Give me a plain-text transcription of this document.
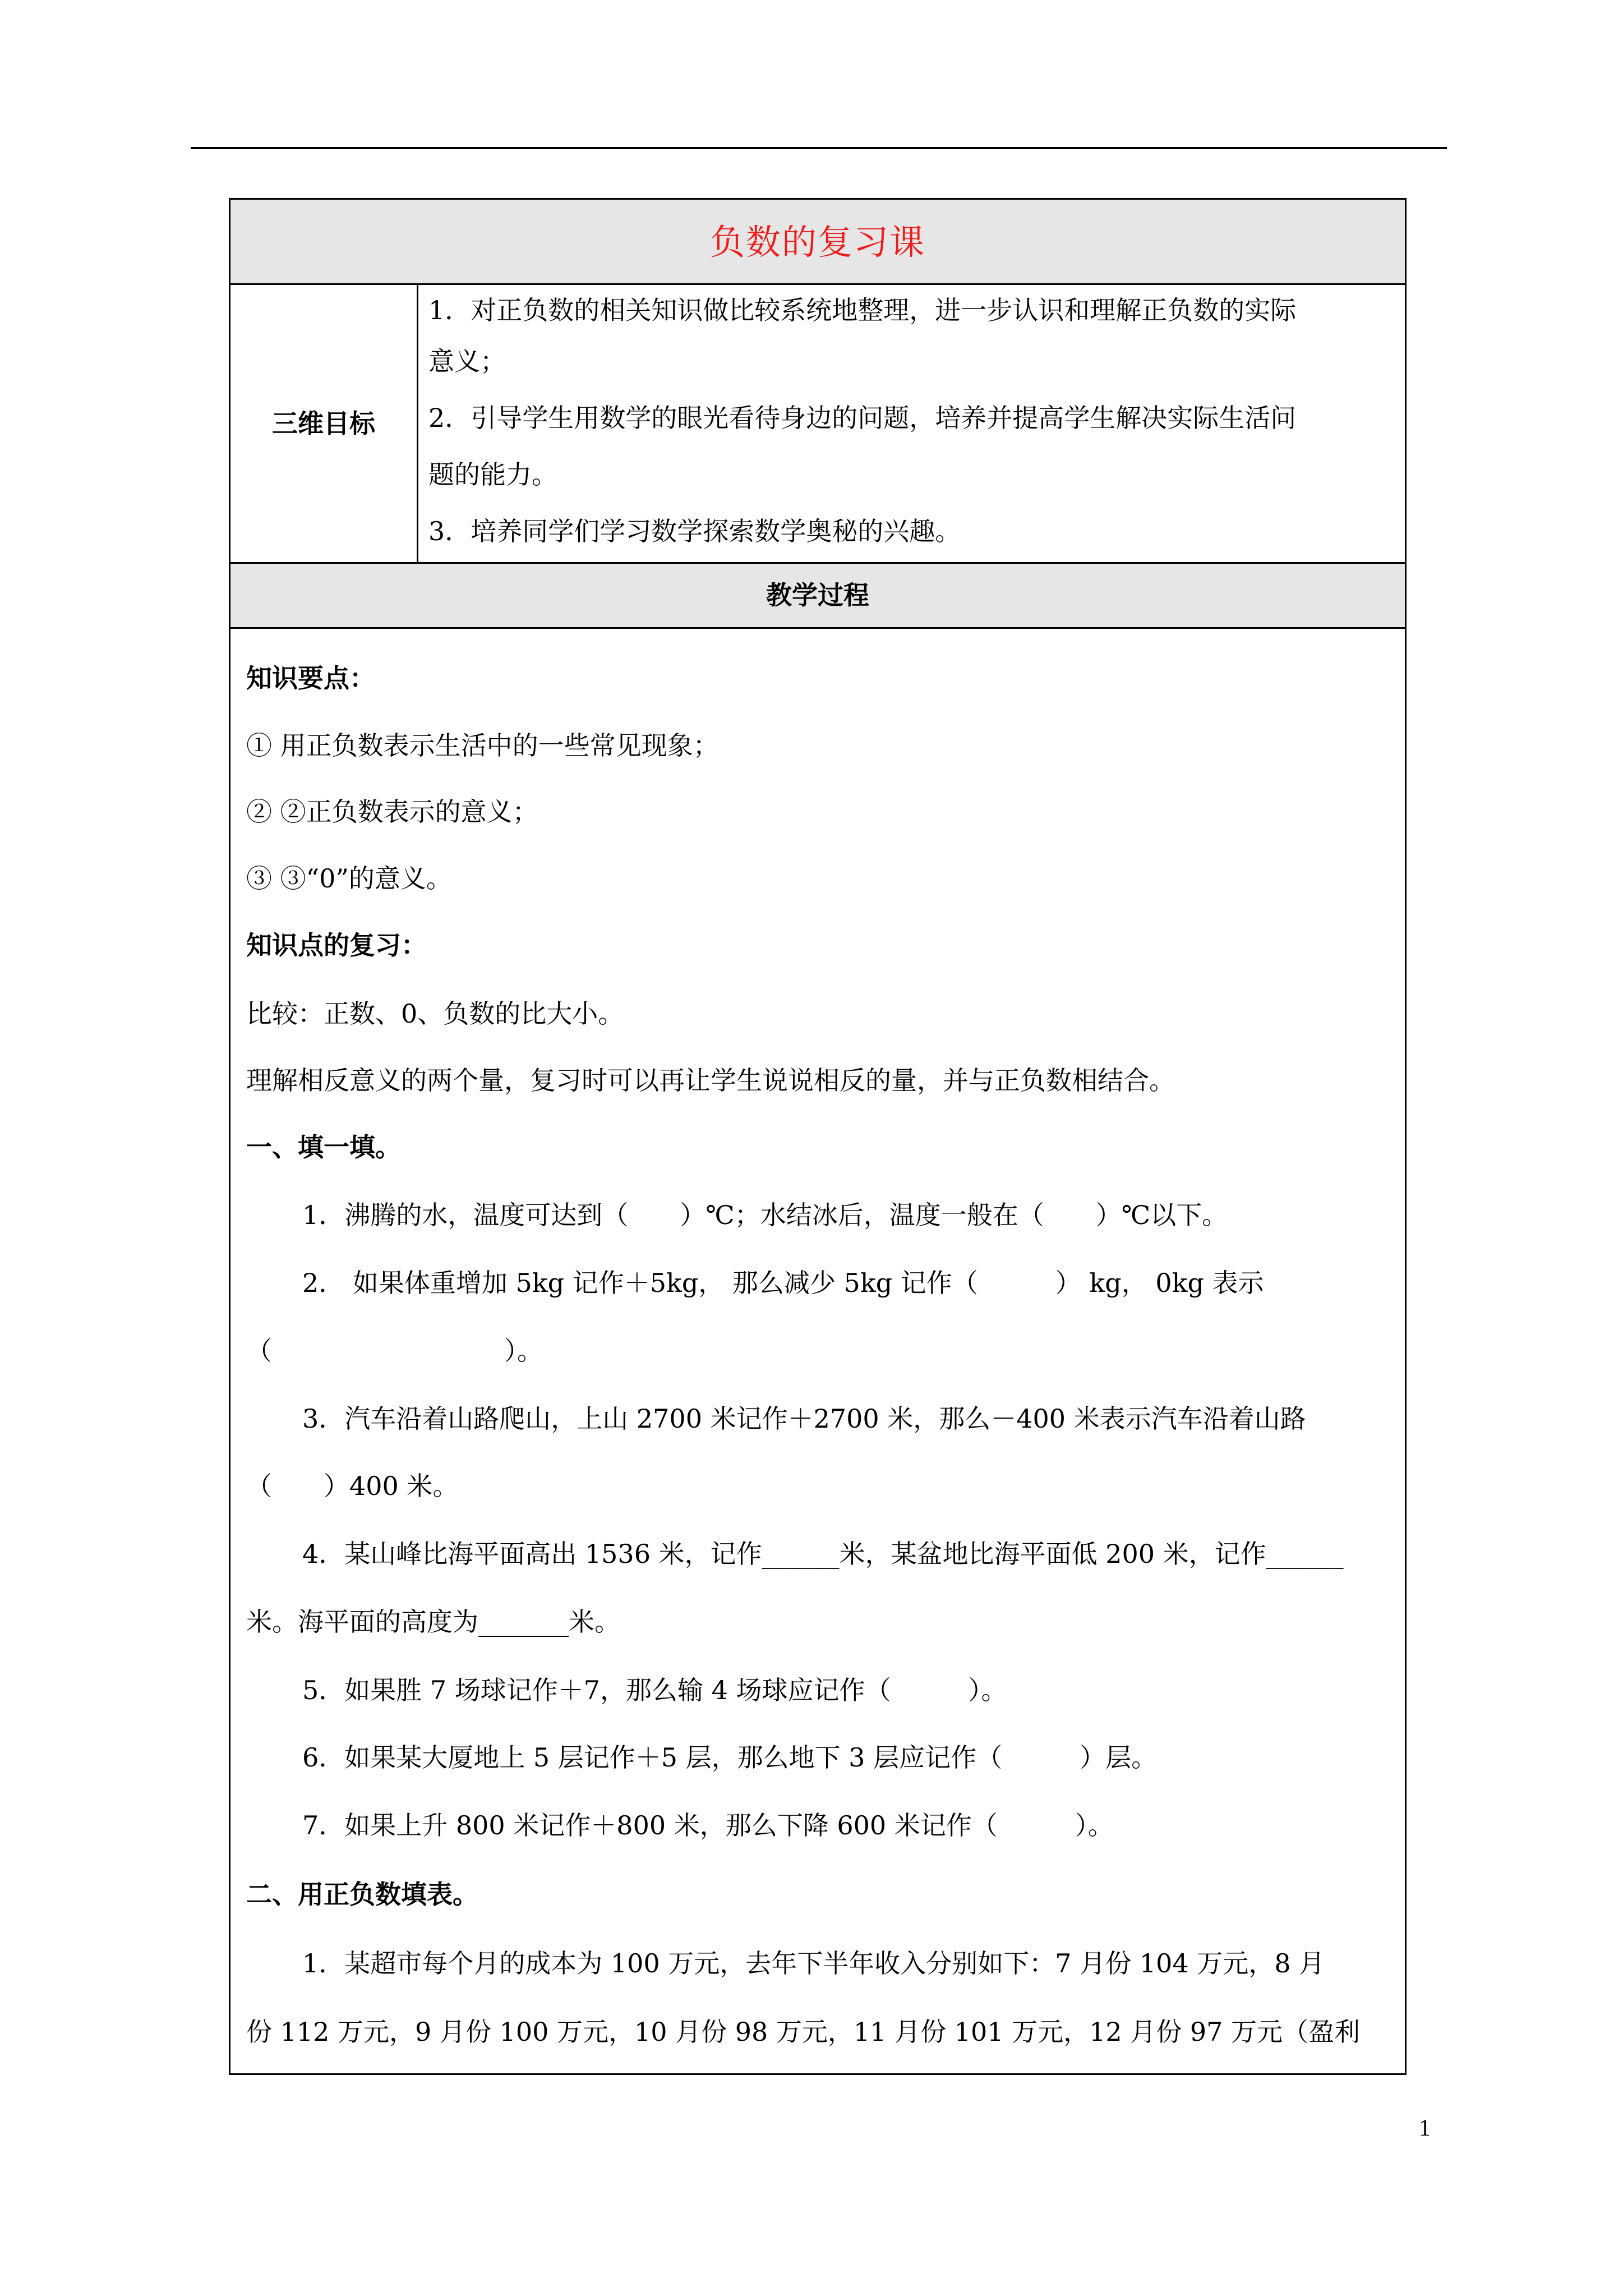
负数的复习课
三维目标
1．对正负数的相关知识做比较系统地整理，进一步认识和理解正负数的实际
意义；
2．引导学生用数学的眼光看待身边的问题，培养并提高学生解决实际生活问
题的能力。
3．培养同学们学习数学探索数学奥秘的兴趣。
教学过程
知识要点：
① 用正负数表示生活中的一些常见现象；
② ②正负数表示的意义；
③ ③“0”的意义。
知识点的复习：
比较：正数、0、负数的比大小。
理解相反意义的两个量，复习时可以再让学生说说相反的量，并与正负数相结合。
一、填一填。
1．沸腾的水，温度可达到（　　）℃；水结冰后，温度一般在（　　）℃以下。
2． 如果体重增加 5kg 记作＋5kg， 那么减少 5kg 记作（　　　） kg， 0kg 表示
（　　　　　　　　　）。
3．汽车沿着山路爬山，上山 2700 米记作＋2700 米，那么－400 米表示汽车沿着山路
（　　）400 米。
4．某山峰比海平面高出 1536 米，记作______米，某盆地比海平面低 200 米，记作______
米。海平面的高度为_______米。
5．如果胜 7 场球记作＋7，那么输 4 场球应记作（　　　）。
6．如果某大厦地上 5 层记作＋5 层，那么地下 3 层应记作（　　　）层。
7．如果上升 800 米记作＋800 米，那么下降 600 米记作（　　　）。
二、用正负数填表。
1．某超市每个月的成本为 100 万元，去年下半年收入分别如下：7 月份 104 万元，8 月
份 112 万元，9 月份 100 万元，10 月份 98 万元，11 月份 101 万元，12 月份 97 万元（盈利
1
